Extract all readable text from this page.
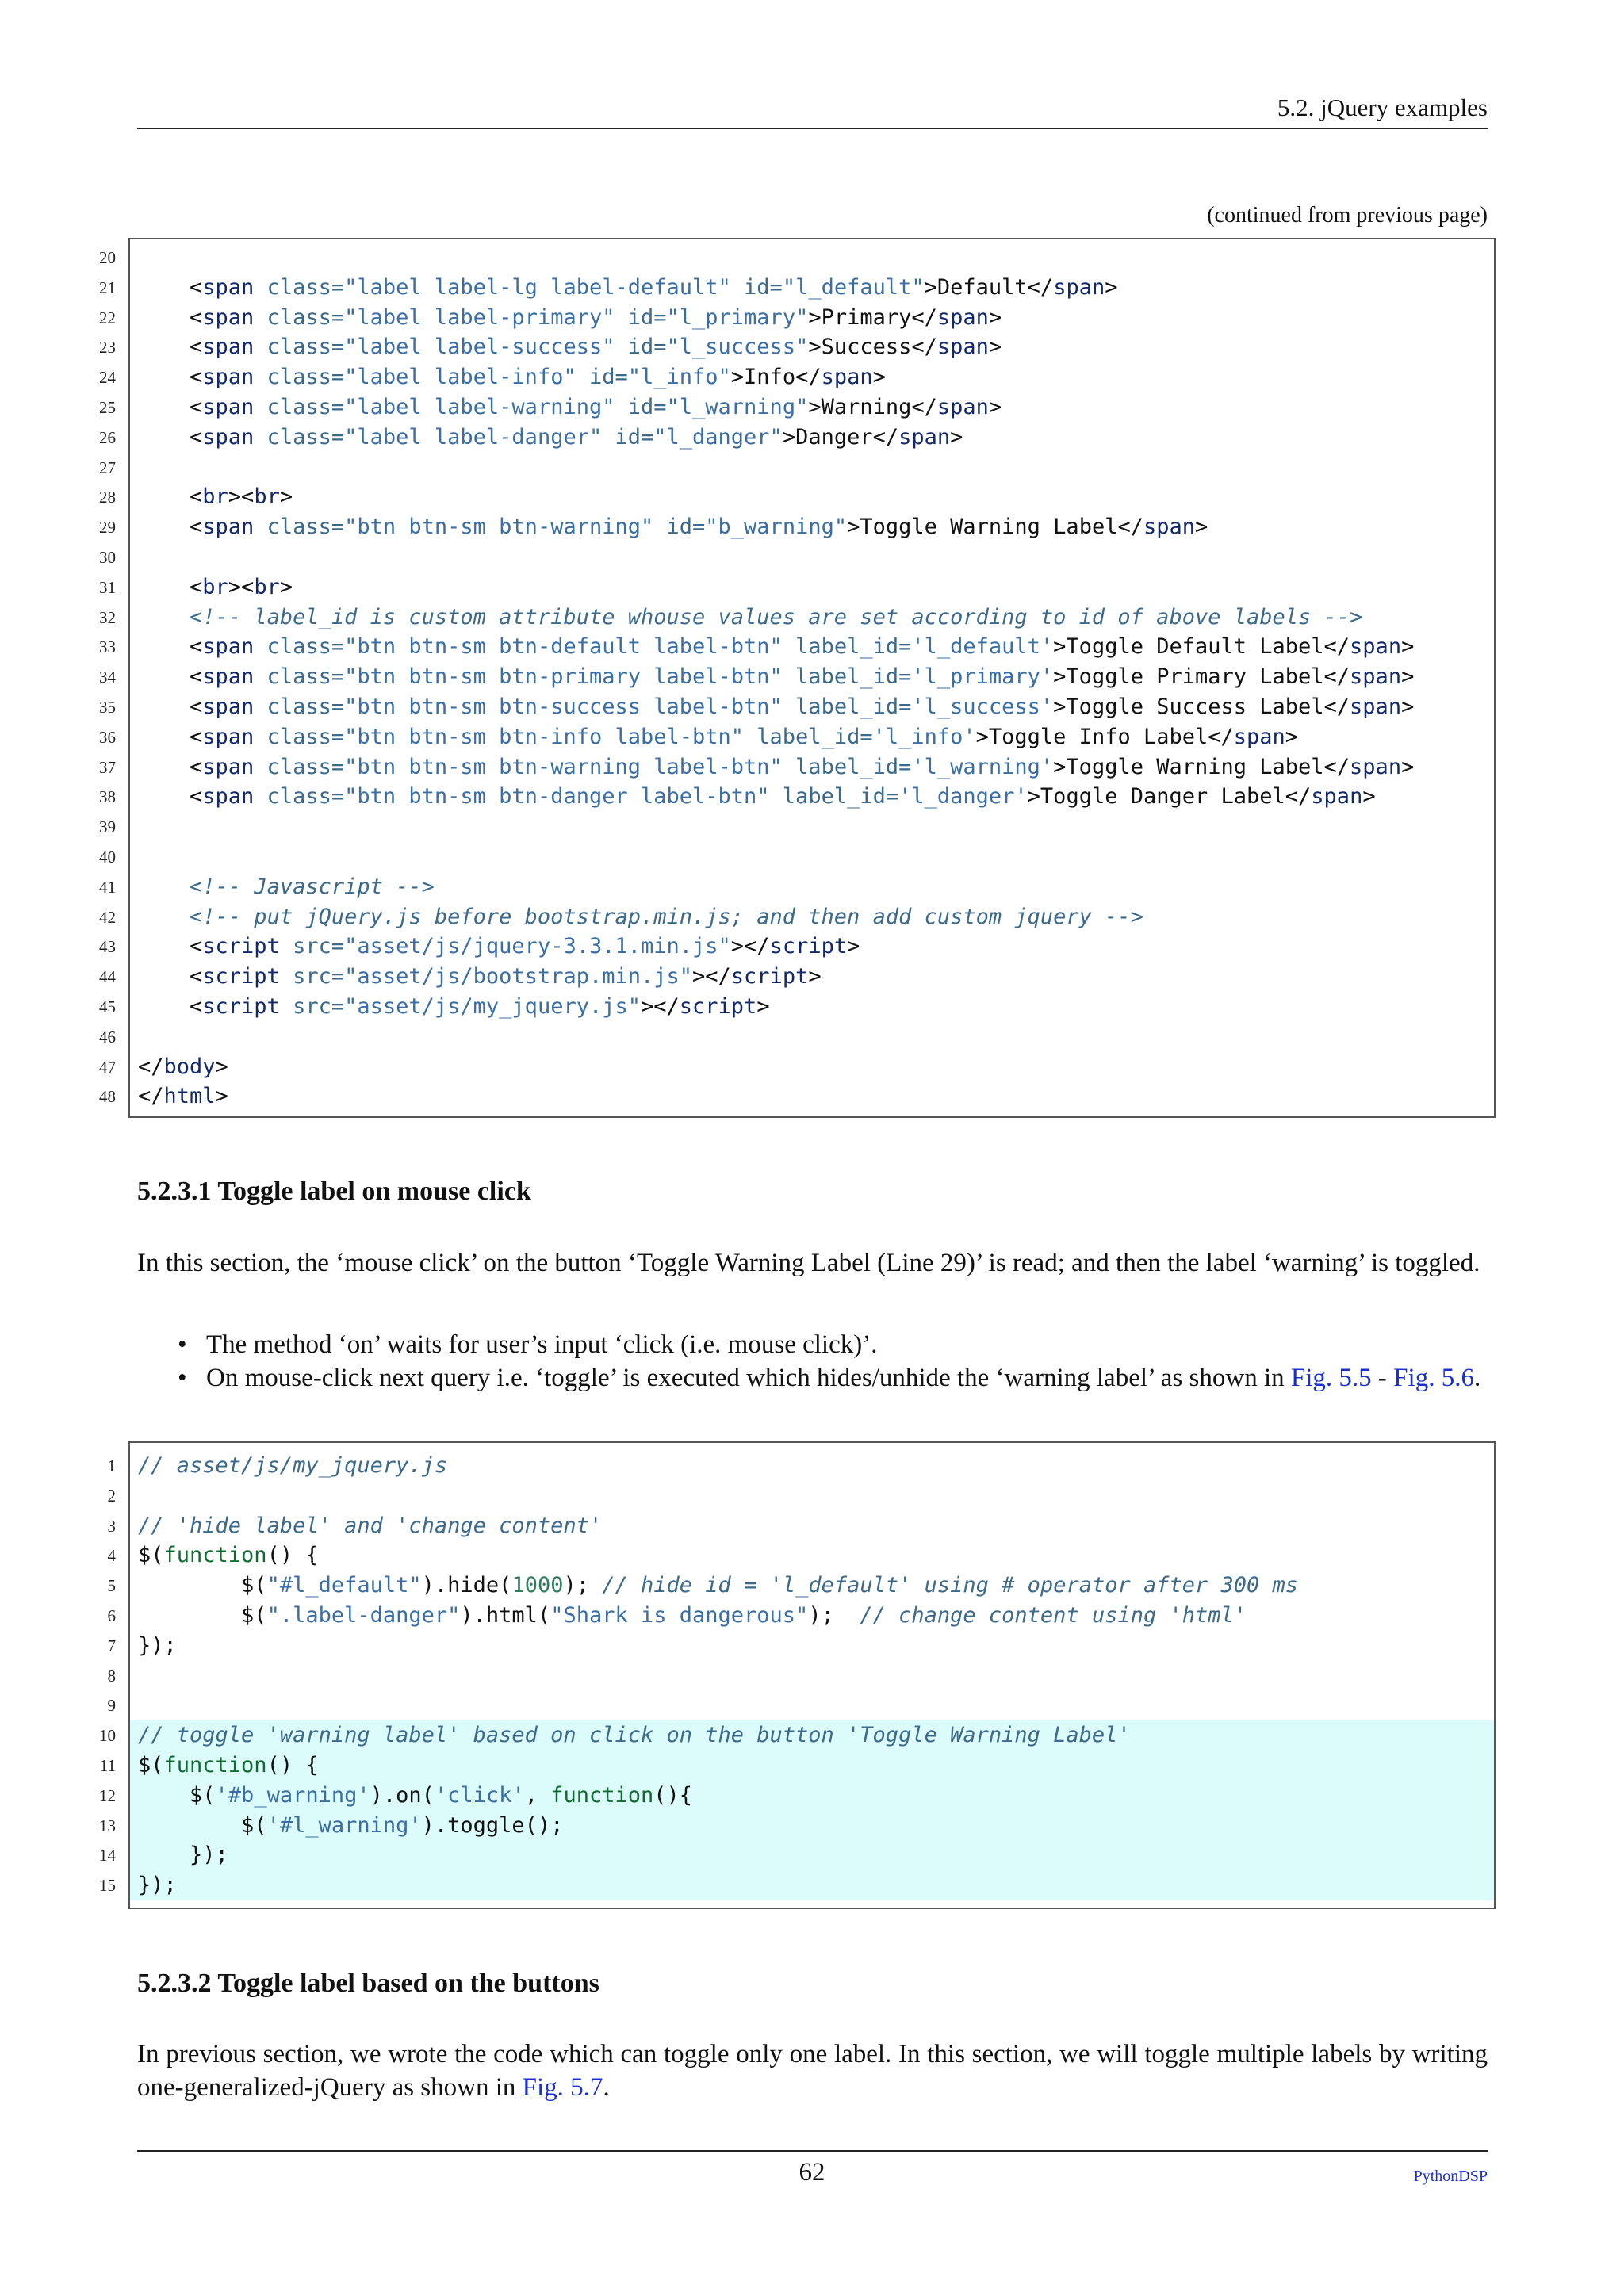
5.2. jQuery examples
(continued from previous page)
20
21 <span class="label label-lg label-default" id="l_default">Default</span>
22 <span class="label label-primary" id="l_primary">Primary</span>
23 <span class="label label-success" id="l_success">Success</span>
24 <span class="label label-info" id="l_info">Info</span>
25 <span class="label label-warning" id="l_warning">Warning</span>
26 <span class="label label-danger" id="l_danger">Danger</span>
27
28 <br><br>
29 <span class="btn btn-sm btn-warning" id="b_warning">Toggle Warning Label</span>
30
31 <br><br>
32	<!-- label_id is custom attribute whouse values are set according to id of above labels -->
33 <span class="btn btn-sm btn-default label-btn" label_id='l_default'>Toggle Default Label</span>
34 <span class="btn btn-sm btn-primary label-btn" label_id='l_primary'>Toggle Primary Label</span>
35 <span class="btn btn-sm btn-success label-btn" label_id='l_success'>Toggle Success Label</span>
36 <span class="btn btn-sm btn-info label-btn" label_id='l_info'>Toggle Info Label</span>
37 <span class="btn btn-sm btn-warning label-btn" label_id='l_warning'>Toggle Warning Label</span>
38 <span class="btn btn-sm btn-danger label-btn" label_id='l_danger'>Toggle Danger Label</span>
39
40
41	<!-- Javascript -->
42	<!-- put jQuery.js before bootstrap.min.js; and then add custom jquery -->
43 <script src="asset/js/jquery-3.3.1.min.js"></script>
44 <script src="asset/js/bootstrap.min.js"></script>
45 <script src="asset/js/my_jquery.js"></script>
46
47 </body>
48 </html>
5.2.3.1 Toggle label on mouse click
In this section, the ‘mouse click’ on the button ‘Toggle Warning Label (Line 29)’ is read; and then the label ‘warning’ is toggled.
• The method ‘on’ waits for user’s input ‘click (i.e. mouse click)’.
• On mouse-click next query i.e. ‘toggle’ is executed which hides/unhide the ‘warning label’ as shown in Fig. 5.5 - Fig. 5.6.
1 // asset/js/my_jquery.js
2
3 // 'hide label' and 'change content'
4 $(function() {
5 $("#l_default").hide(1000); // hide id = 'l_default' using # operator after 300 ms
6 $(".label-danger").html("Shark is dangerous");  // change content using 'html'
7 });
8
9
10 // toggle 'warning label' based on click on the button 'Toggle Warning Label'
11 $(function() {
12 $('#b_warning').on('click', function(){
13 $('#l_warning').toggle();
14 });
15 });
5.2.3.2 Toggle label based on the buttons
In previous section, we wrote the code which can toggle only one label. In this section, we will toggle multiple labels by writing one-generalized-jQuery as shown in Fig. 5.7.
62	PythonDSP
